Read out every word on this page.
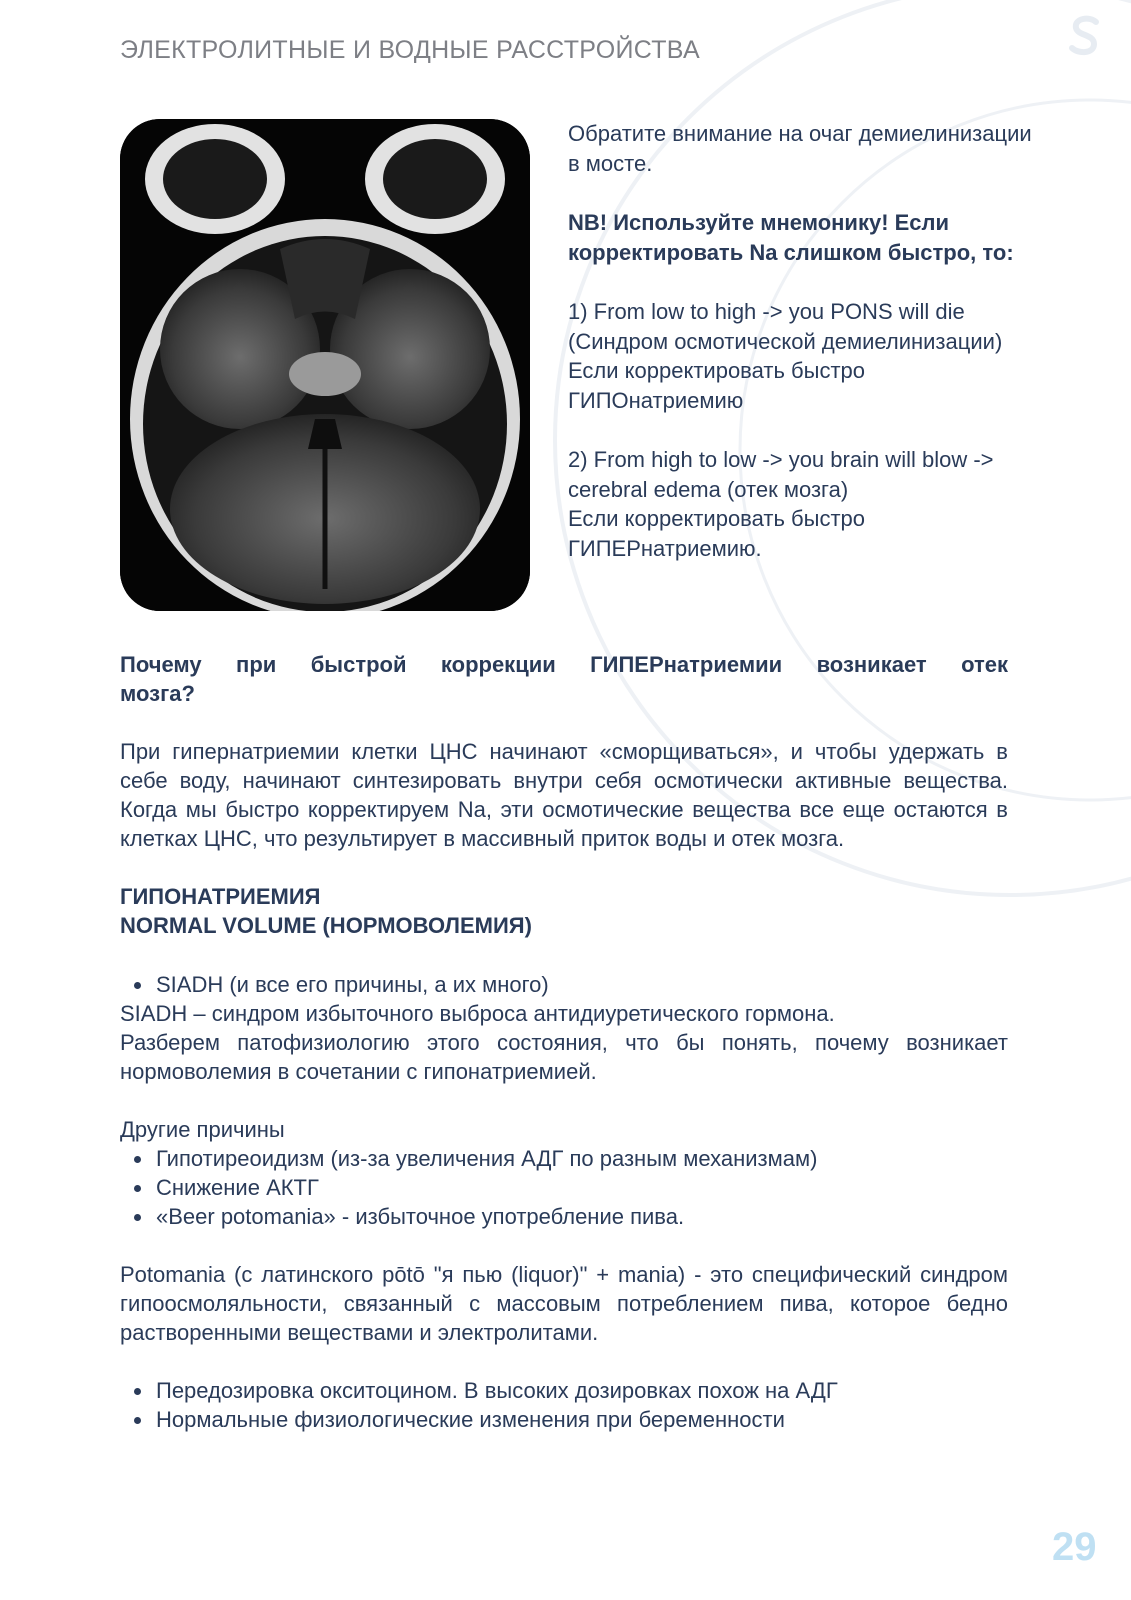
ЭЛЕКТРОЛИТНЫЕ И ВОДНЫЕ РАССТРОЙСТВА

Обратите внимание на очаг демиелинизации в мосте.

NB! Используйте мнемонику! Если корректировать Na слишком быстро, то:

1) From low to high -> you PONS will die (Синдром осмотической демиелинизации)

Если корректировать быстро ГИПОнатриемию

2) From high to low -> you brain will blow -> cerebral edema (отек мозга)

Если корректировать быстро ГИПЕРнатриемию.

Почему при быстрой коррекции ГИПЕРнатриемии возникает отек

мозга?

При гипернатриемии клетки ЦНС начинают «сморщиваться», и чтобы удержать в себе воду, начинают синтезировать внутри себя осмотически активные вещества. Когда мы быстро корректируем Na, эти осмотические вещества все еще остаются в клетках ЦНС, что результирует в массивный приток воды и отек мозга.

ГИПОНАТРИЕМИЯ

NORMAL VOLUME (НОРМОВОЛЕМИЯ)

SIADH (и все его причины, а их много)

SIADH – синдром избыточного выброса антидиуретического гормона.

Разберем патофизиологию этого состояния, что бы понять, почему возникает нормоволемия в сочетании с гипонатриемией.

Другие причины

Гипотиреоидизм (из-за увеличения АДГ по разным механизмам)
Снижение АКТГ
«Beer potomania» - избыточное употребление пива.

Potomania (с латинского pōtō "я пью (liquor)" + mania) - это специфический синдром гипоосмоляльности, связанный с массовым потреблением пива, которое бедно растворенными веществами и электролитами.

Передозировка окситоцином. В высоких дозировках похож на АДГ
Нормальные физиологические изменения при беременности
29
